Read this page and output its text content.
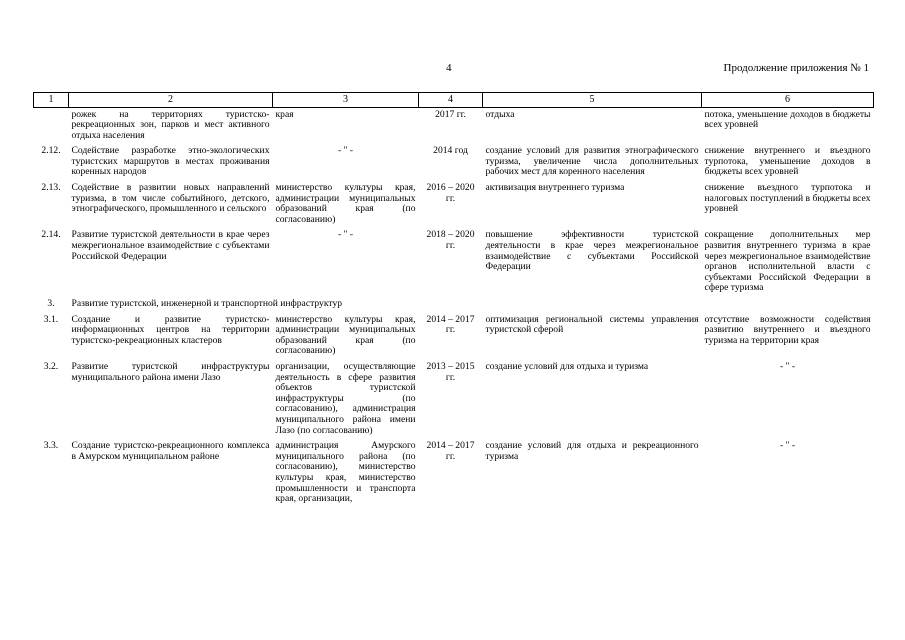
4	Продолжение приложения № 1
1	2	3	4	5	6

	рожек на территориях туристско-рекреационных зон, парков и мест активного отдыха населения	края	2017 гг.	отдыха	потока, уменьшение доходов в бюджеты всех уровней
2.12.	Содействие разработке этно-экологических туристских маршрутов в местах проживания коренных народов	- " -	2014 год	создание условий для развития этнографического туризма, увеличение числа дополнительных рабочих мест для коренного населения	снижение внутреннего и въездного турпотока, уменьшение доходов в бюджеты всех уровней
2.13.	Содействие в развитии новых направлений туризма, в том числе событийного, детского, этнографического, промышленного и сельского	министерство культуры края, администрации муниципальных образований края (по согласованию)	2016 – 2020 гг.	активизация внутреннего туризма	снижение въездного турпотока и налоговых поступлений в бюджеты всех уровней
2.14.	Развитие туристской деятельности в крае через межрегиональное взаимодействие с субъектами Российской Федерации	- " -	2018 – 2020 гг.	повышение эффективности туристской деятельности в крае через межрегиональное взаимодействие с субъектами Российской Федерации	сокращение дополнительных мер развития внутреннего туризма в крае через межрегиональное взаимодействие органов исполнительной власти с субъектами Российской Федерации в сфере туризма
3.	Развитие туристской, инженерной и транспортной инфраструктур				
3.1.	Создание и развитие туристско-информационных центров на территории туристско-рекреационных кластеров	министерство культуры края, администрации муниципальных образований края (по согласованию)	2014 – 2017 гг.	оптимизация региональной системы управления туристской сферой	отсутствие возможности содействия развитию внутреннего и въездного туризма на территории края
3.2.	Развитие туристской инфраструктуры муниципального района имени Лазо	организации, осуществляющие деятельность в сфере развития объектов туристской инфраструктуры (по согласованию), администрация муниципального района имени Лазо (по согласованию)	2013 – 2015 гг.	создание условий для отдыха и туризма	- " -
3.3.	Создание туристско-рекреационного комплекса в Амурском муниципальном районе	администрация Амурского муниципального района (по согласованию), министерство культуры края, министерство промышленности и транспорта края, организации,	2014 – 2017 гг.	создание условий для отдыха и рекреационного туризма	- " -
